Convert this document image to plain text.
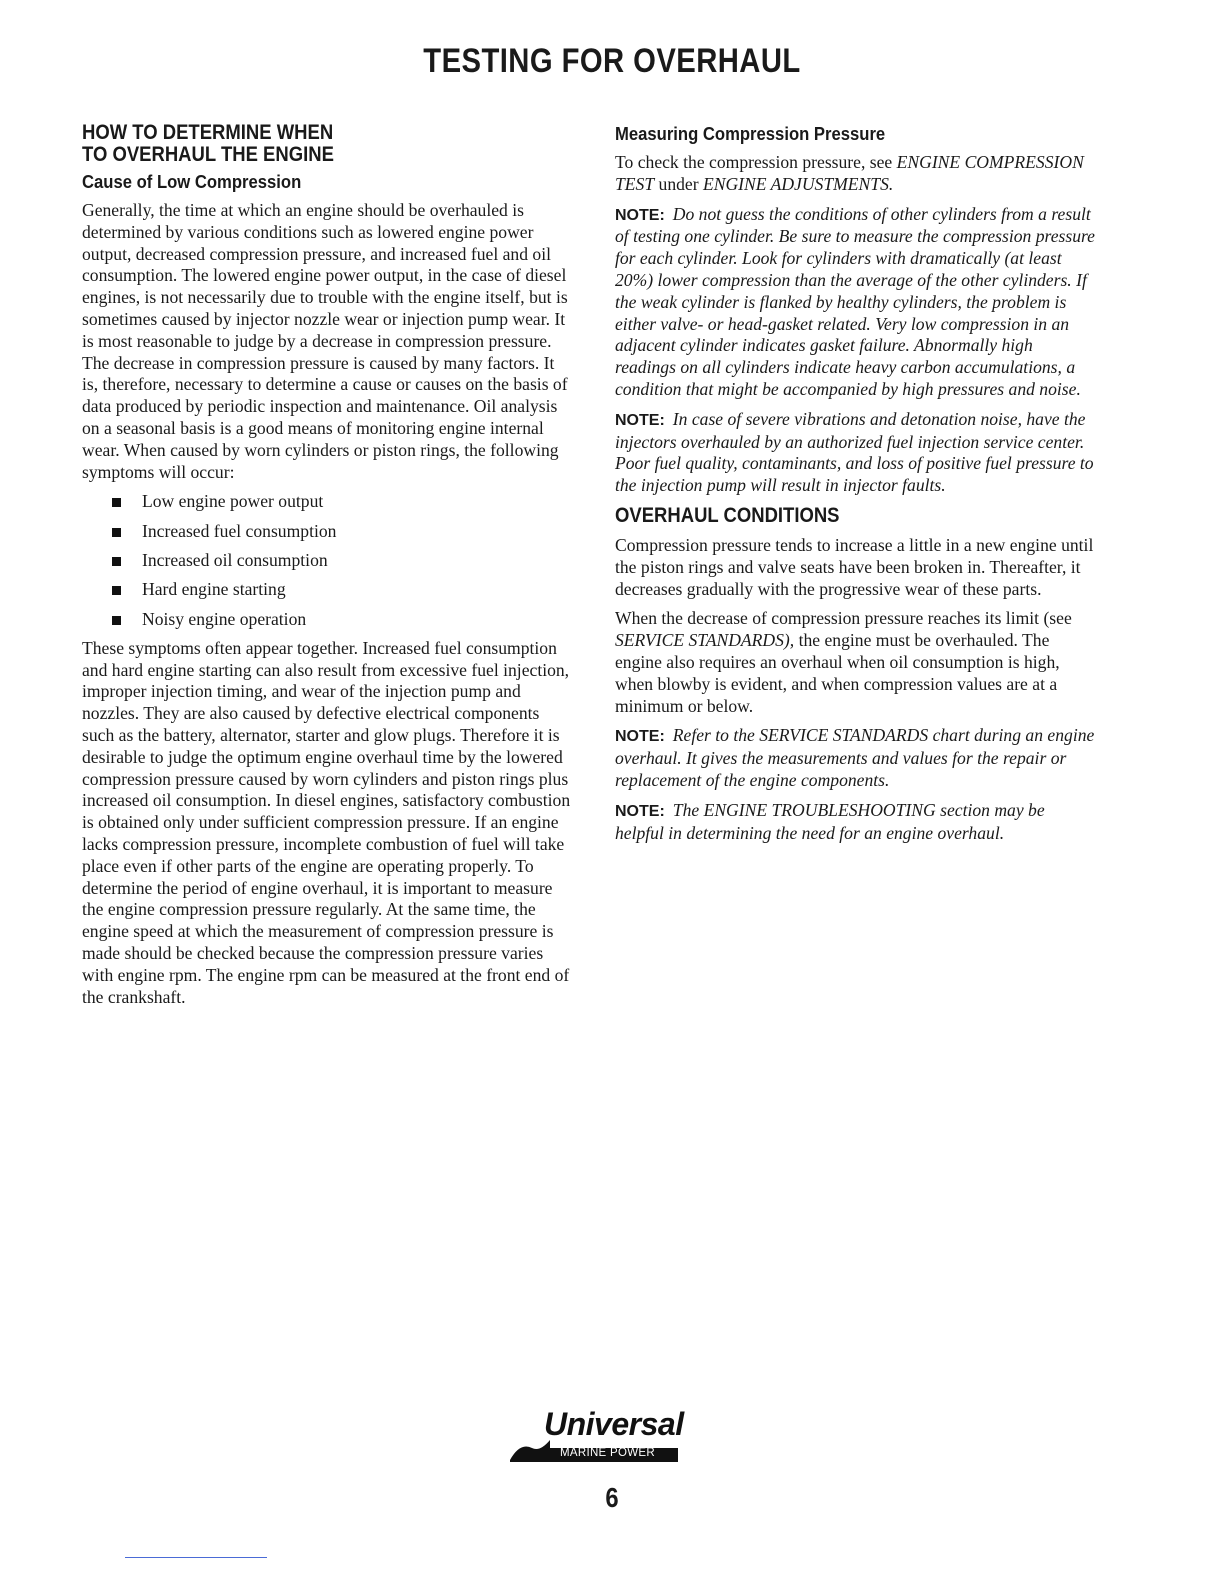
TESTING FOR OVERHAUL
HOW TO DETERMINE WHEN
TO OVERHAUL THE ENGINE
Cause of Low Compression

Generally, the time at which an engine should be overhauled is determined by various conditions such as lowered engine power output, decreased compression pressure, and increased fuel and oil consumption. The lowered engine power output, in the case of diesel engines, is not necessarily due to trouble with the engine itself, but is sometimes caused by injector nozzle wear or injection pump wear. It is most reasonable to judge by a decrease in compression pressure. The decrease in compression pressure is caused by many factors. It is, therefore, necessary to determine a cause or causes on the basis of data produced by periodic inspection and maintenance. Oil analysis on a seasonal basis is a good means of monitoring engine internal wear. When caused by worn cylinders or piston rings, the following symptoms will occur:

Low engine power output
Increased fuel consumption
Increased oil consumption
Hard engine starting
Noisy engine operation

These symptoms often appear together. Increased fuel consumption and hard engine starting can also result from excessive fuel injection, improper injection timing, and wear of the injection pump and nozzles. They are also caused by defective electrical components such as the battery, alternator, starter and glow plugs. Therefore it is desirable to judge the optimum engine overhaul time by the lowered compression pressure caused by worn cylinders and piston rings plus increased oil consumption. In diesel engines, satisfactory combustion is obtained only under sufficient compression pressure. If an engine lacks compression pressure, incomplete combustion of fuel will take place even if other parts of the engine are operating properly. To determine the period of engine overhaul, it is important to measure the engine compression pressure regularly. At the same time, the engine speed at which the measurement of compression pressure is made should be checked because the compression pressure varies with engine rpm. The engine rpm can be measured at the front end of the crankshaft.

Measuring Compression Pressure

To check the compression pressure, see ENGINE COMPRESSION TEST under ENGINE ADJUSTMENTS.

NOTE: Do not guess the conditions of other cylinders from a result of testing one cylinder. Be sure to measure the compression pressure for each cylinder. Look for cylinders with dramatically (at least 20%) lower compression than the average of the other cylinders. If the weak cylinder is flanked by healthy cylinders, the problem is either valve- or head-gasket related. Very low compression in an adjacent cylinder indicates gasket failure. Abnormally high readings on all cylinders indicate heavy carbon accumulations, a condition that might be accompanied by high pressures and noise.

NOTE: In case of severe vibrations and detonation noise, have the injectors overhauled by an authorized fuel injection service center. Poor fuel quality, contaminants, and loss of positive fuel pressure to the injection pump will result in injector faults.

OVERHAUL CONDITIONS

Compression pressure tends to increase a little in a new engine until the piston rings and valve seats have been broken in. Thereafter, it decreases gradually with the progressive wear of these parts.

When the decrease of compression pressure reaches its limit (see SERVICE STANDARDS), the engine must be overhauled. The engine also requires an overhaul when oil consumption is high, when blowby is evident, and when compression values are at a minimum or below.

NOTE: Refer to the SERVICE STANDARDS chart during an engine overhaul. It gives the measurements and values for the repair or replacement of the engine components.

NOTE: The ENGINE TROUBLESHOOTING section may be helpful in determining the need for an engine overhaul.

Universal
MARINE POWER
6
